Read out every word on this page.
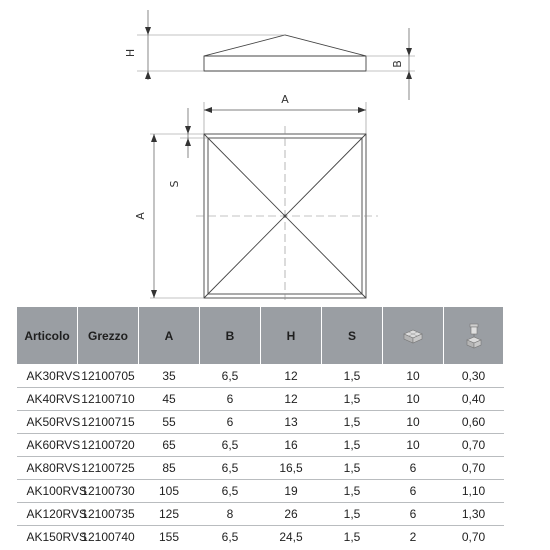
H
B
A
A
S
Articolo	Grezzo	A	B	H	S		
AK30RVS	12100705	35	6,5	12	1,5	10	0,30
AK40RVS	12100710	45	6	12	1,5	10	0,40
AK50RVS	12100715	55	6	13	1,5	10	0,60
AK60RVS	12100720	65	6,5	16	1,5	10	0,70
AK80RVS	12100725	85	6,5	16,5	1,5	6	0,70
AK100RVS	12100730	105	6,5	19	1,5	6	1,10
AK120RVS	12100735	125	8	26	1,5	6	1,30
AK150RVS	12100740	155	6,5	24,5	1,5	2	0,70
